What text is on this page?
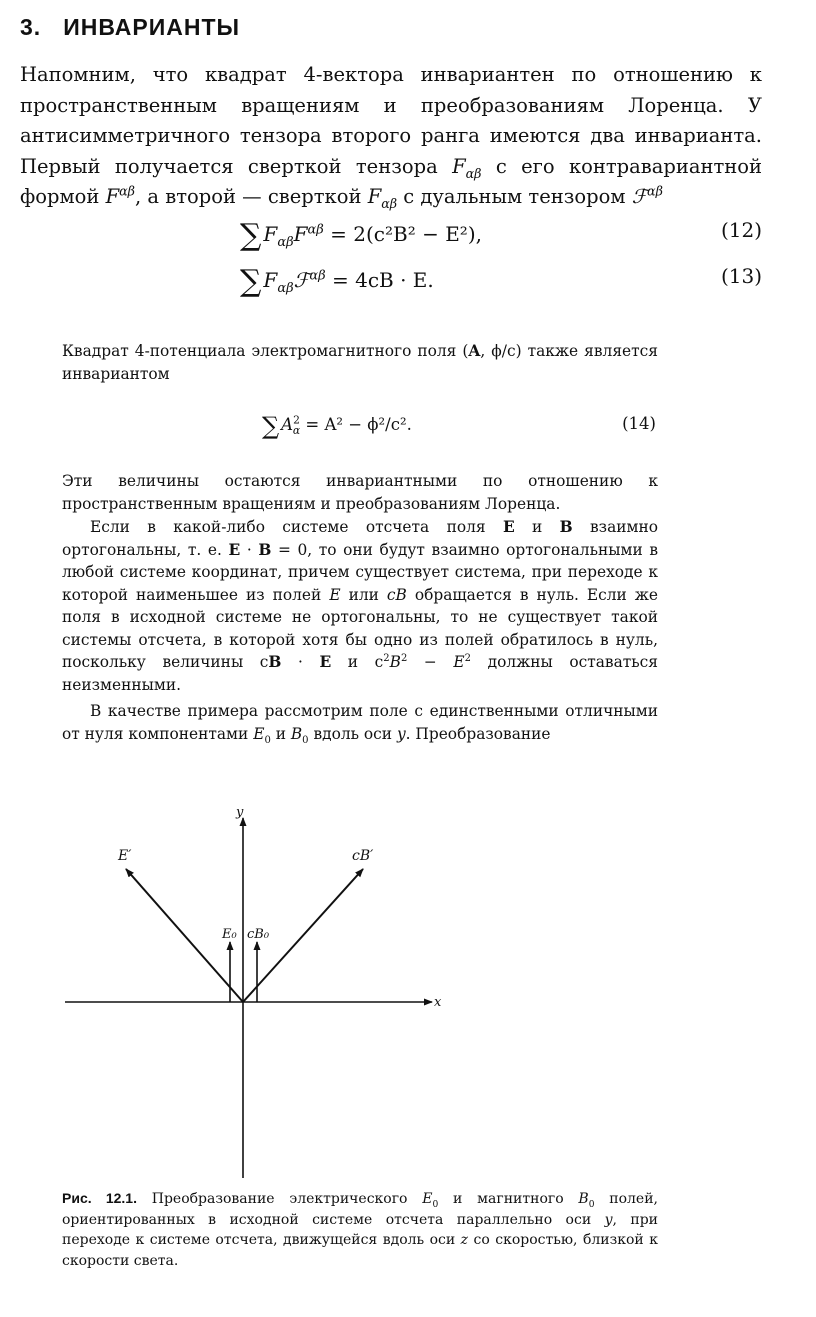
3. ИНВАРИАНТЫ
Напомним, что квадрат 4-вектора инвариантен по отношению к пространственным вращениям и преобразованиям Лоренца. У антисимметричного тензора второго ранга имеются два инварианта. Первый получается сверткой тензора $F_{\alpha\beta}$ с его контравариантной формой $F^{\alpha\beta}$, а второй — сверткой $F_{\alpha\beta}$ с дуальным тензором ℱ$^{\alpha\beta}$
∑ $F_{\alpha\beta}F^{\alpha\beta} = 2(c^2B^2 - E^2)$,	(12)
∑ $F_{\alpha\beta}ℱ^{\alpha\beta} = 4cB \cdot E$.	(13)
Квадрат 4-потенциала электромагнитного поля (A, ϕ/c) также является инвариантом
∑ $A^2_\alpha = A^2 - \phi^2/c^2$.	(14)
Эти величины остаются инвариантными по отношению к пространственным вращениям и преобразованиям Лоренца.
Если в какой-либо системе отсчета поля E и B взаимно ортогональны, т. е. E · B = 0, то они будут взаимно ортогональными в любой системе координат, причем существует система, при переходе к которой наименьшее из полей E или cB обращается в нуль. Если же поля в исходной системе не ортогональны, то не существует такой системы отсчета, в которой хотя бы одно из полей обратилось в нуль, поскольку величины cB · E и $c^2B^2 - E^2$ должны оставаться неизменными.
В качестве примера рассмотрим поле с единственными отличными от нуля компонентами $E_0$ и $B_0$ вдоль оси y. Преобразование
y
x
E′	cB′
E₀ cB₀
Рис. 12.1. Преобразование электрического $E_0$ и магнитного $B_0$ полей, ориентированных в исходной системе отсчета параллельно оси y, при переходе к системе отсчета, движущейся вдоль оси z со скоростью, близкой к скорости света.
